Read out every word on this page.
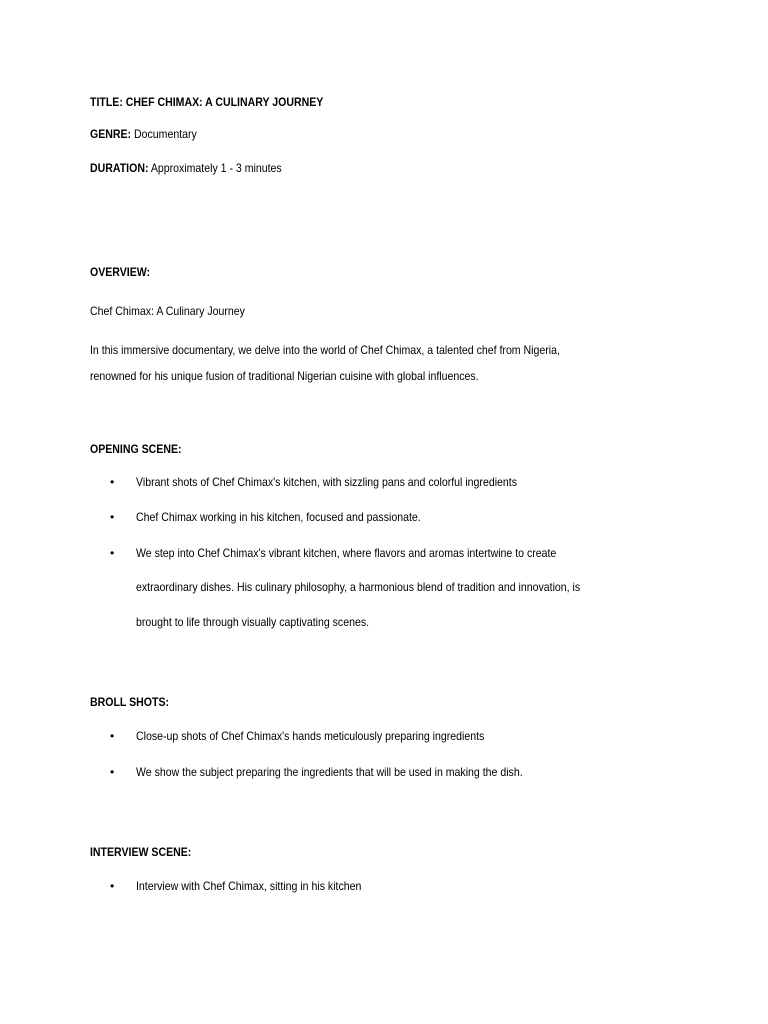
TITLE: CHEF CHIMAX: A CULINARY JOURNEY

GENRE: Documentary

DURATION: Approximately 1 - 3 minutes

OVERVIEW:

Chef Chimax: A Culinary Journey

In this immersive documentary, we delve into the world of Chef Chimax, a talented chef from Nigeria,

renowned for his unique fusion of traditional Nigerian cuisine with global influences.

OPENING SCENE:

• Vibrant shots of Chef Chimax's kitchen, with sizzling pans and colorful ingredients

• Chef Chimax working in his kitchen, focused and passionate.

• We step into Chef Chimax's vibrant kitchen, where flavors and aromas intertwine to create

extraordinary dishes. His culinary philosophy, a harmonious blend of tradition and innovation, is

brought to life through visually captivating scenes.

BROLL SHOTS:

• Close-up shots of Chef Chimax's hands meticulously preparing ingredients

• We show the subject preparing the ingredients that will be used in making the dish.

INTERVIEW SCENE:

• Interview with Chef Chimax, sitting in his kitchen
